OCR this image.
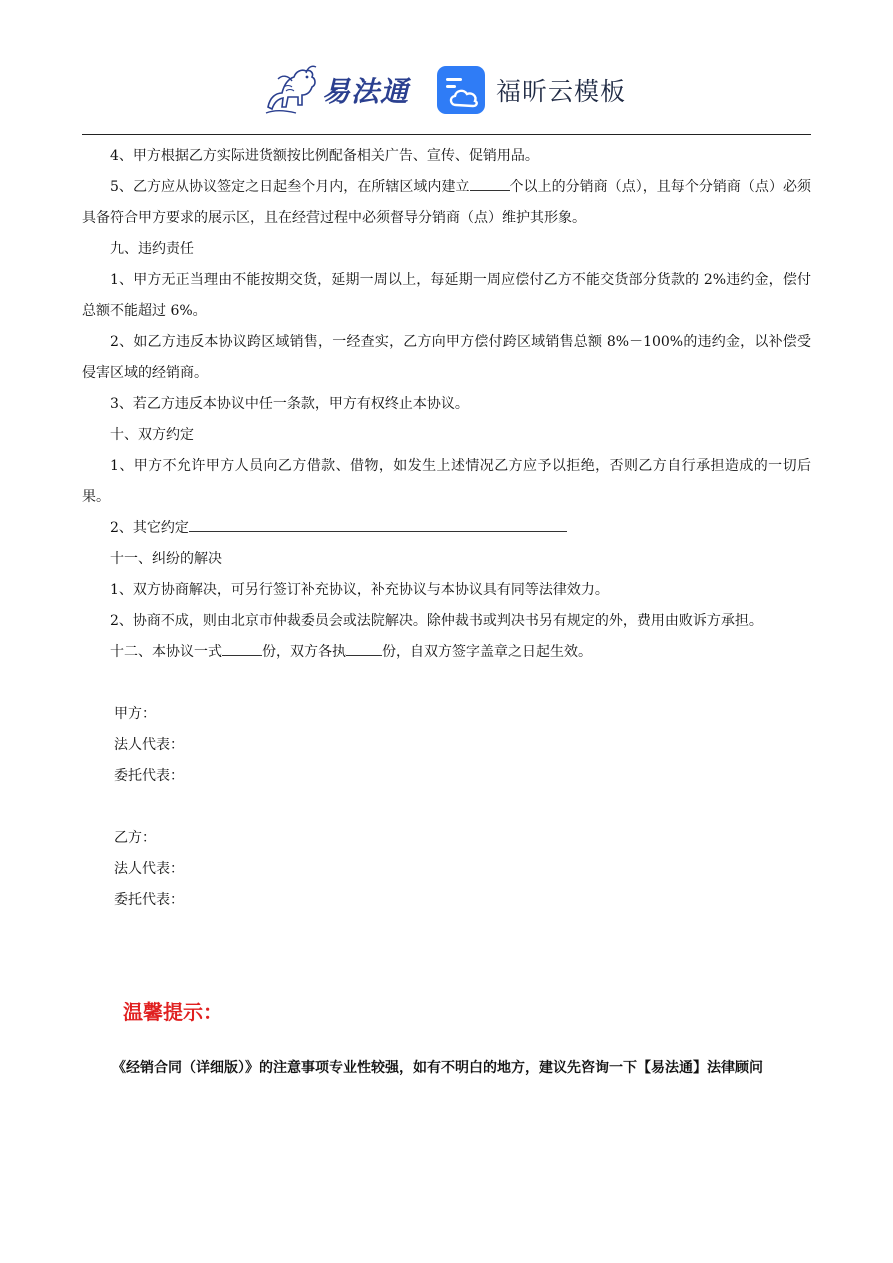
易法通	福昕云模板

4、甲方根据乙方实际进货额按比例配备相关广告、宣传、促销用品。

5、乙方应从协议签定之日起叁个月内，在所辖区域内建立	个以上的分销商（点），且每个分销商（点）必须具备符合甲方要求的展示区，且在经营过程中必须督导分销商（点）维护其形象。

九、违约责任

1、甲方无正当理由不能按期交货，延期一周以上，每延期一周应偿付乙方不能交货部分货款的 2%违约金，偿付总额不能超过 6%。

2、如乙方违反本协议跨区域销售，一经查实，乙方向甲方偿付跨区域销售总额 8%－100%的违约金，以补偿受侵害区域的经销商。

3、若乙方违反本协议中任一条款，甲方有权终止本协议。

十、双方约定

1、甲方不允许甲方人员向乙方借款、借物，如发生上述情况乙方应予以拒绝，否则乙方自行承担造成的一切后果。

2、其它约定

十一、纠纷的解决

1、双方协商解决，可另行签订补充协议，补充协议与本协议具有同等法律效力。

2、协商不成，则由北京市仲裁委员会或法院解决。除仲裁书或判决书另有规定的外，费用由败诉方承担。

十二、本协议一式	份，双方各执	份，自双方签字盖章之日起生效。

甲方：

法人代表：

委托代表：

乙方：

法人代表：

委托代表：

温馨提示：

《经销合同（详细版）》的注意事项专业性较强，如有不明白的地方，建议先咨询一下【易法通】法律顾问
